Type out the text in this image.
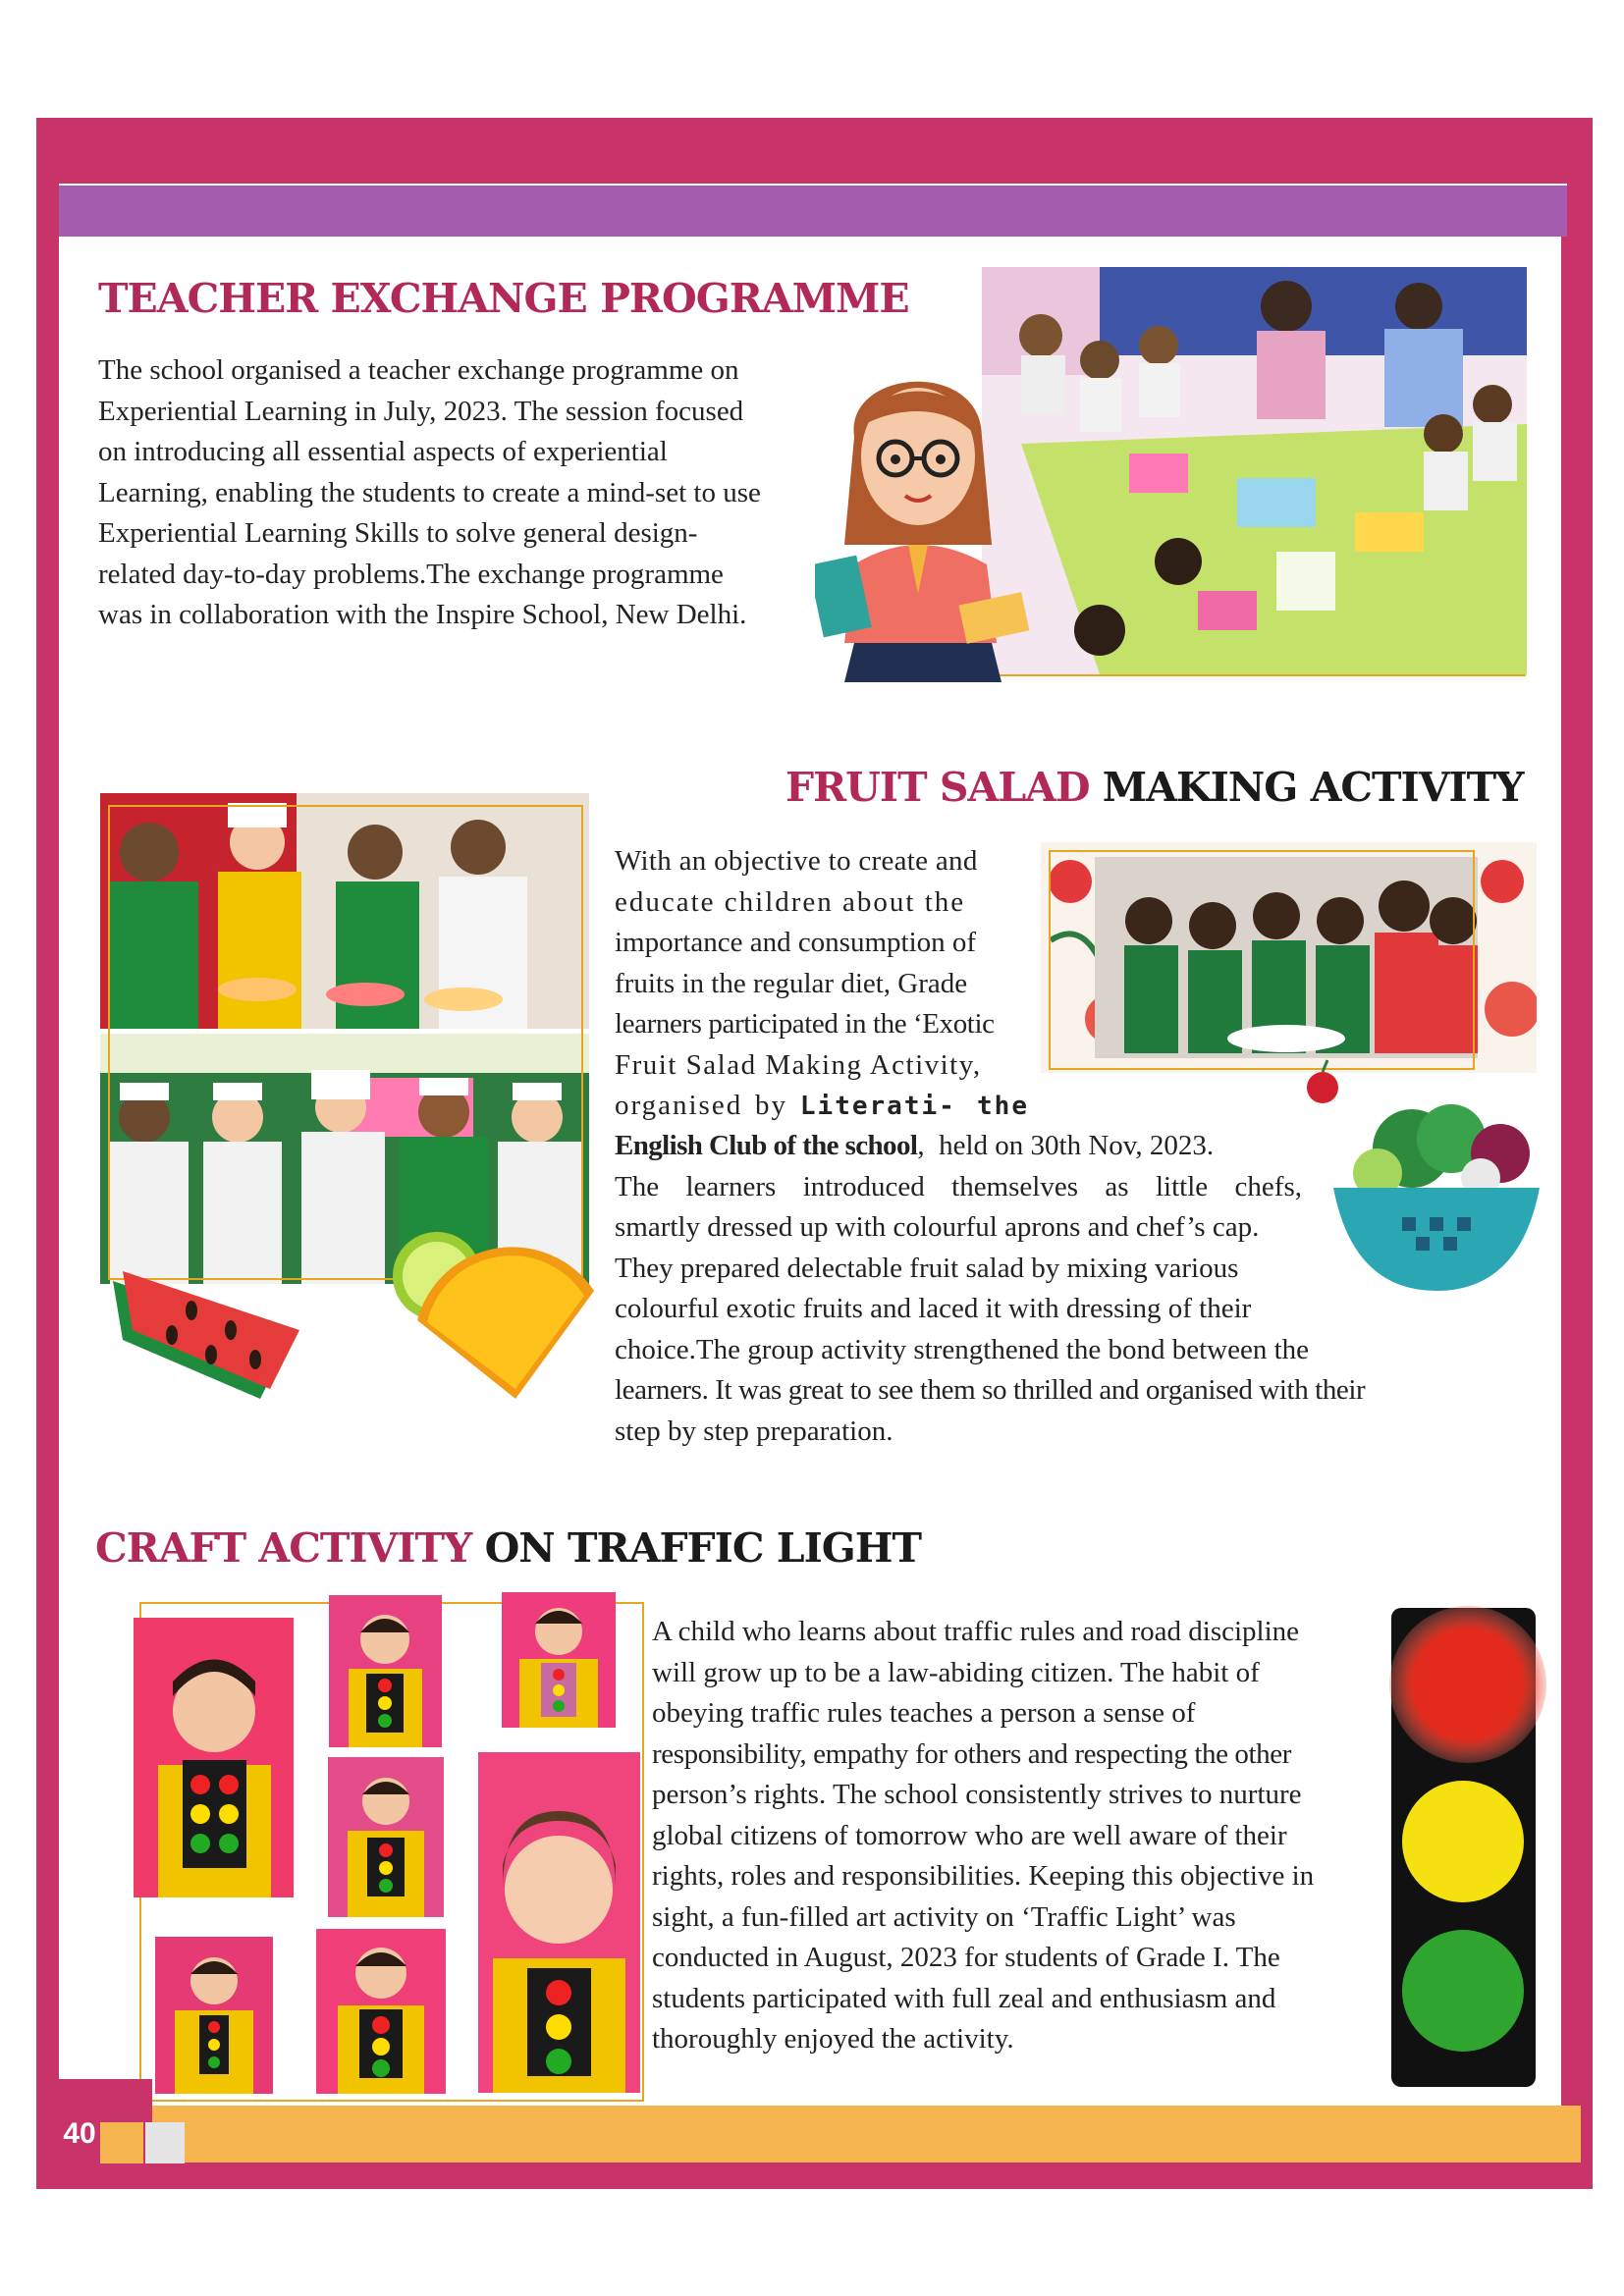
TEACHER EXCHANGE PROGRAMME
The school organised a teacher exchange programme on
Experiential Learning in July, 2023. The session focused
on introducing all essential aspects of experiential
Learning, enabling the students to create a mind-set to use
Experiential Learning Skills to solve general design-
related day-to-day problems.The exchange programme
was in collaboration with the Inspire School, New Delhi.
FRUIT SALAD MAKING ACTIVITY
With an objective to create and
educate children about the
importance and consumption of
fruits in the regular diet, Grade
learners participated in the ‘Exotic
Fruit Salad Making Activity,
organised by Literati- the
English Club of the school,  held on 30th Nov, 2023.
The learners introduced themselves as little chefs,
smartly dressed up with colourful aprons and chef’s cap.
They prepared delectable fruit salad by mixing various
colourful exotic fruits and laced it with dressing of their
choice.The group activity strengthened the bond between the
learners. It was great to see them so thrilled and organised with their
step by step preparation.
CRAFT ACTIVITY ON TRAFFIC LIGHT
A child who learns about traffic rules and road discipline
will grow up to be a law-abiding citizen. The habit of
obeying traffic rules teaches a person a sense of
responsibility, empathy for others and respecting the other
person’s rights. The school consistently strives to nurture
global citizens of tomorrow who are well aware of their
rights, roles and responsibilities. Keeping this objective in
sight, a fun-filled art activity on ‘Traffic Light’ was
conducted in August, 2023 for students of Grade I. The
students participated with full zeal and enthusiasm and
thoroughly enjoyed the activity.
40
